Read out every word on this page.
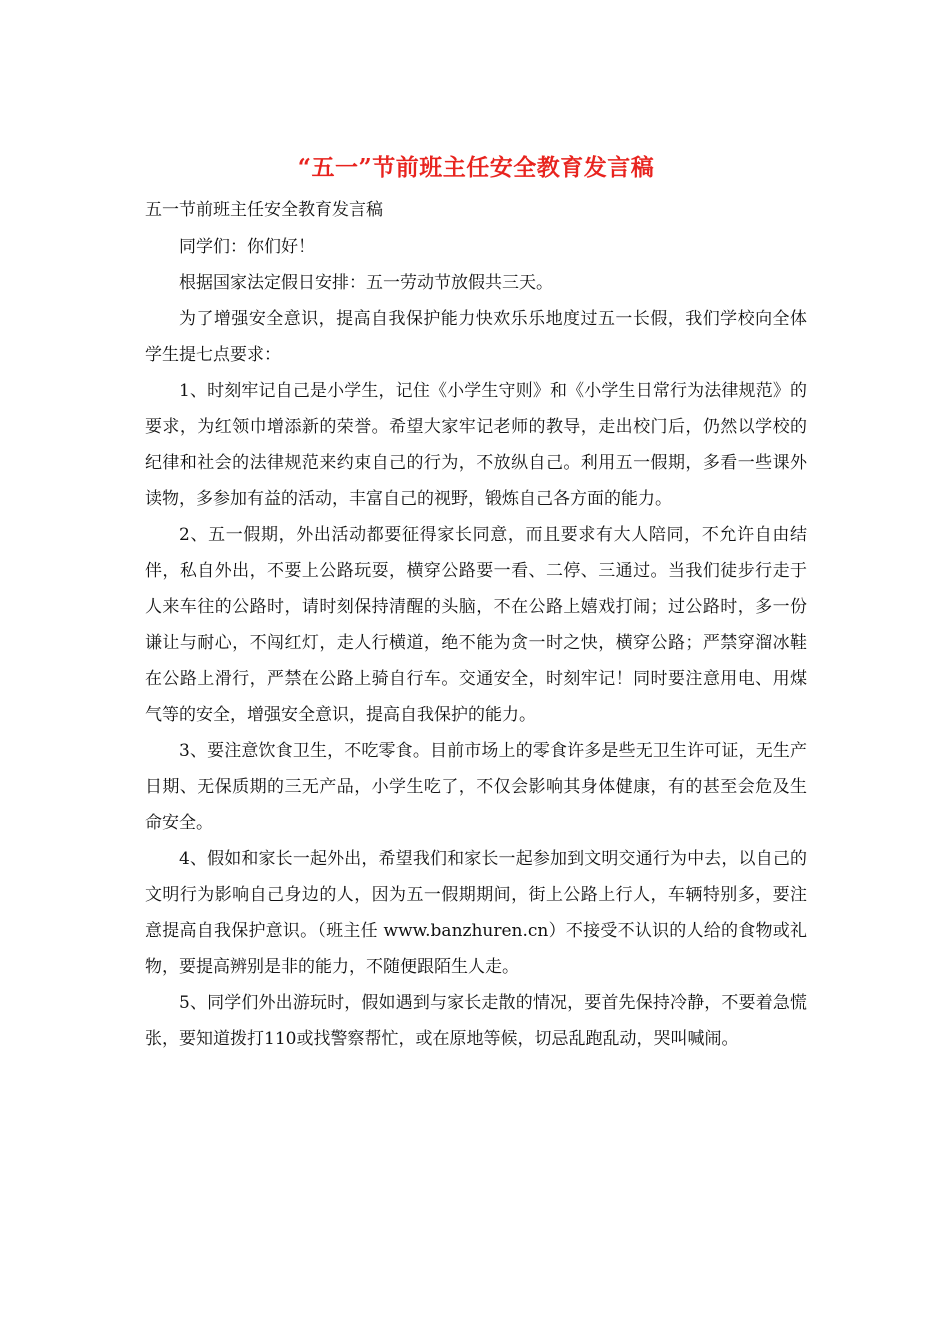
“五一”节前班主任安全教育发言稿
五一节前班主任安全教育发言稿

同学们：你们好！

根据国家法定假日安排：五一劳动节放假共三天。

为了增强安全意识，提高自我保护能力快欢乐乐地度过五一长假，我们学校向全体学生提七点要求：

1、时刻牢记自己是小学生，记住《小学生守则》和《小学生日常行为法律规范》的要求，为红领巾增添新的荣誉。希望大家牢记老师的教导，走出校门后，仍然以学校的纪律和社会的法律规范来约束自己的行为，不放纵自己。利用五一假期，多看一些课外读物，多参加有益的活动，丰富自己的视野，锻炼自己各方面的能力。

2、五一假期，外出活动都要征得家长同意，而且要求有大人陪同，不允许自由结伴，私自外出，不要上公路玩耍，横穿公路要一看、二停、三通过。当我们徒步行走于人来车往的公路时，请时刻保持清醒的头脑，不在公路上嬉戏打闹；过公路时，多一份谦让与耐心，不闯红灯，走人行横道，绝不能为贪一时之快，横穿公路；严禁穿溜冰鞋在公路上滑行，严禁在公路上骑自行车。交通安全，时刻牢记！同时要注意用电、用煤气等的安全，增强安全意识，提高自我保护的能力。

3、要注意饮食卫生，不吃零食。目前市场上的零食许多是些无卫生许可证，无生产日期、无保质期的三无产品，小学生吃了，不仅会影响其身体健康，有的甚至会危及生命安全。

4、假如和家长一起外出，希望我们和家长一起参加到文明交通行为中去，以自己的文明行为影响自己身边的人，因为五一假期期间，街上公路上行人，车辆特别多，要注意提高自我保护意识。（班主任 www.banzhuren.cn）不接受不认识的人给的食物或礼物，要提高辨别是非的能力，不随便跟陌生人走。

5、同学们外出游玩时，假如遇到与家长走散的情况，要首先保持冷静，不要着急慌张，要知道拨打110或找警察帮忙，或在原地等候，切忌乱跑乱动，哭叫喊闹。
